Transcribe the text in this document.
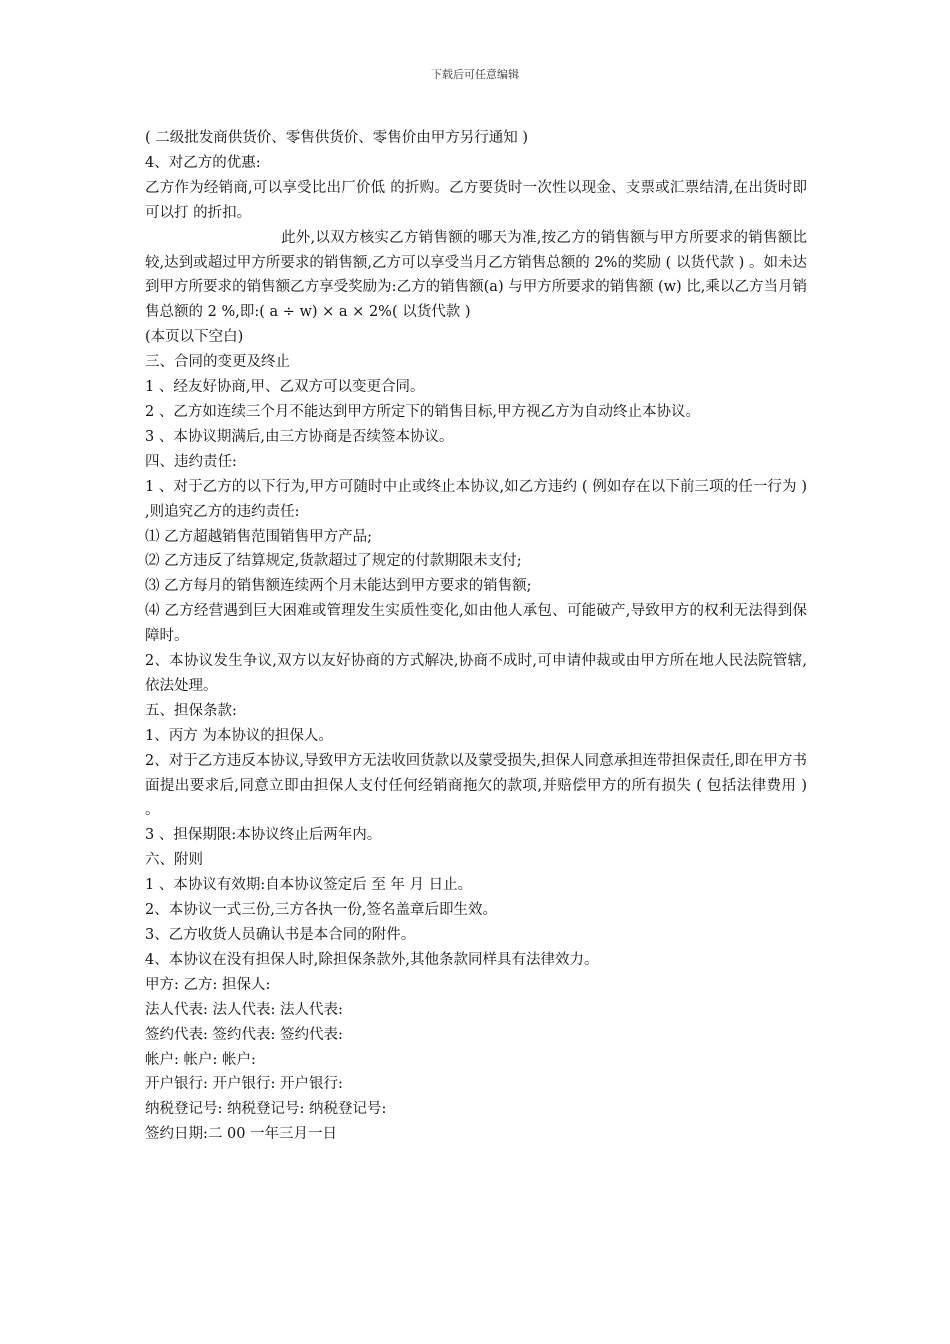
下载后可任意编辑

( 二级批发商供货价、零售供货价、零售价由甲方另行通知 )

4、对乙方的优惠:

乙方作为经销商,可以享受比出厂价低 的折购。乙方要货时一次性以现金、支票或汇票结清,在出货时即可以打 的折扣。

此外,以双方核实乙方销售额的哪天为准,按乙方的销售额与甲方所要求的销售额比较,达到或超过甲方所要求的销售额,乙方可以享受当月乙方销售总额的 2%的奖励 ( 以货代款 ) 。如未达到甲方所要求的销售额乙方享受奖励为:乙方的销售额(a) 与甲方所要求的销售额 (w) 比,乘以乙方当月销售总额的 2 %,即:( a ÷ w) × a × 2%( 以货代款 )

(本页以下空白)

三、合同的变更及终止

1 、经友好协商,甲、乙双方可以变更合同。

2 、乙方如连续三个月不能达到甲方所定下的销售目标,甲方视乙方为自动终止本协议。

3 、本协议期满后,由三方协商是否续签本协议。

四、违约责任:

1 、对于乙方的以下行为,甲方可随时中止或终止本协议,如乙方违约 ( 例如存在以下前三项的任一行为 ) ,则追究乙方的违约责任:

⑴ 乙方超越销售范围销售甲方产品;

⑵ 乙方违反了结算规定,货款超过了规定的付款期限未支付;

⑶ 乙方每月的销售额连续两个月未能达到甲方要求的销售额;

⑷ 乙方经营遇到巨大困难或管理发生实质性变化,如由他人承包、可能破产,导致甲方的权利无法得到保障时。

2、本协议发生争议,双方以友好协商的方式解决,协商不成时,可申请仲裁或由甲方所在地人民法院管辖,依法处理。

五、担保条款:

1、丙方 为本协议的担保人。

2、对于乙方违反本协议,导致甲方无法收回货款以及蒙受损失,担保人同意承担连带担保责任,即在甲方书面提出要求后,同意立即由担保人支付任何经销商拖欠的款项,并赔偿甲方的所有损失 ( 包括法律费用 ) 。

3 、担保期限:本协议终止后两年内。

六、附则

1 、本协议有效期:自本协议签定后 至 年 月 日止。

2、本协议一式三份,三方各执一份,签名盖章后即生效。

3、乙方收货人员确认书是本合同的附件。

4、本协议在没有担保人时,除担保条款外,其他条款同样具有法律效力。

甲方: 乙方: 担保人:

法人代表: 法人代表: 法人代表:

签约代表: 签约代表: 签约代表:

帐户: 帐户: 帐户:

开户银行: 开户银行: 开户银行:

纳税登记号: 纳税登记号: 纳税登记号:

签约日期:二 00 一年三月一日
